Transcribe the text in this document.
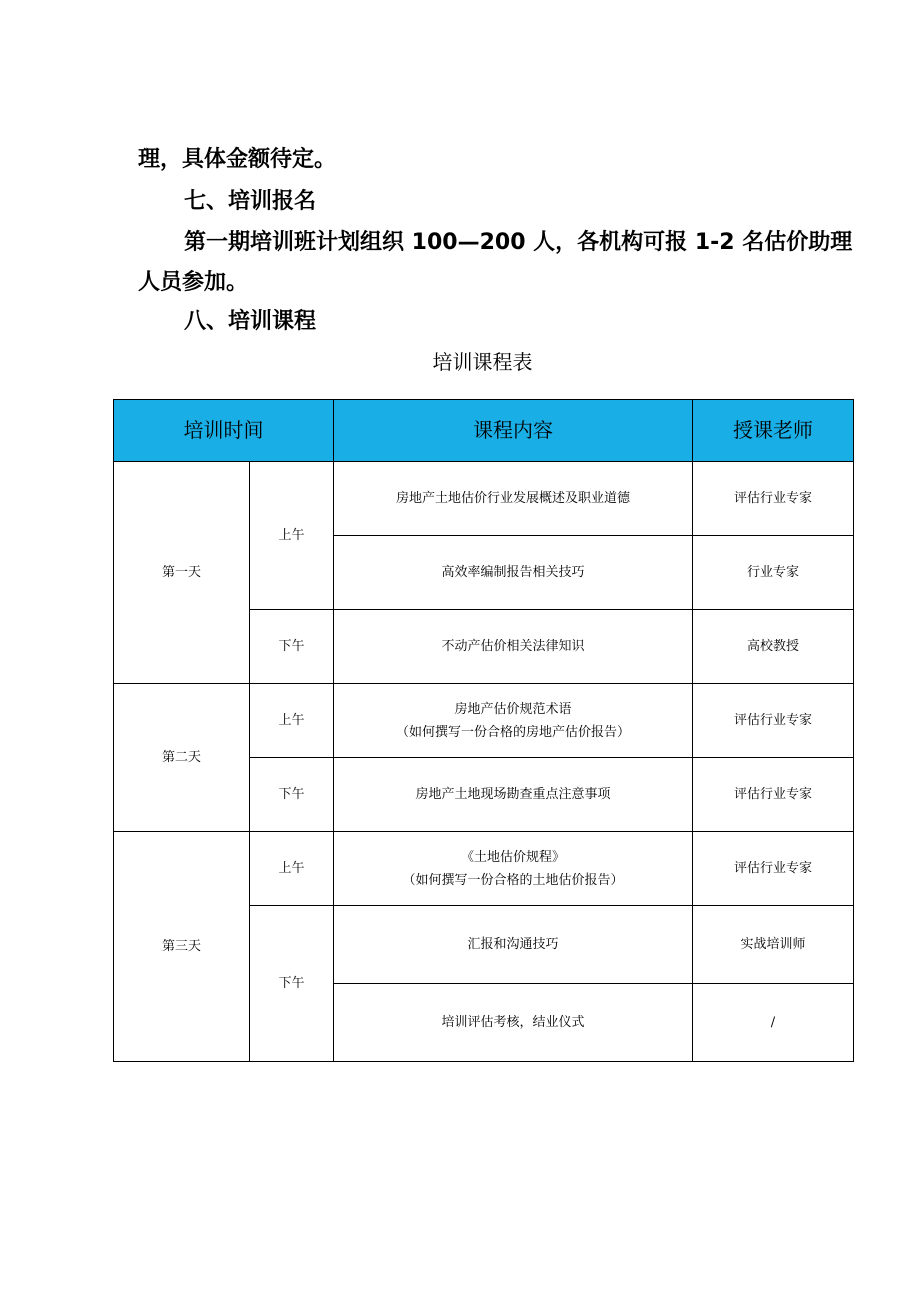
理，具体金额待定。

七、培训报名

第一期培训班计划组织 100—200 人，各机构可报 1-2 名估价助理人员参加。

八、培训课程

培训课程表
培训时间		课程内容	授课老师
第一天	上午	房地产土地估价行业发展概述及职业道德	评估行业专家
		高效率编制报告相关技巧	行业专家
	下午	不动产估价相关法律知识	高校教授
第二天	上午	房地产估价规范术语
（如何撰写一份合格的房地产估价报告）	评估行业专家
	下午	房地产土地现场勘查重点注意事项	评估行业专家
第三天	上午	《土地估价规程》
（如何撰写一份合格的土地估价报告）	评估行业专家
	下午	汇报和沟通技巧	实战培训师
		培训评估考核，结业仪式	/
